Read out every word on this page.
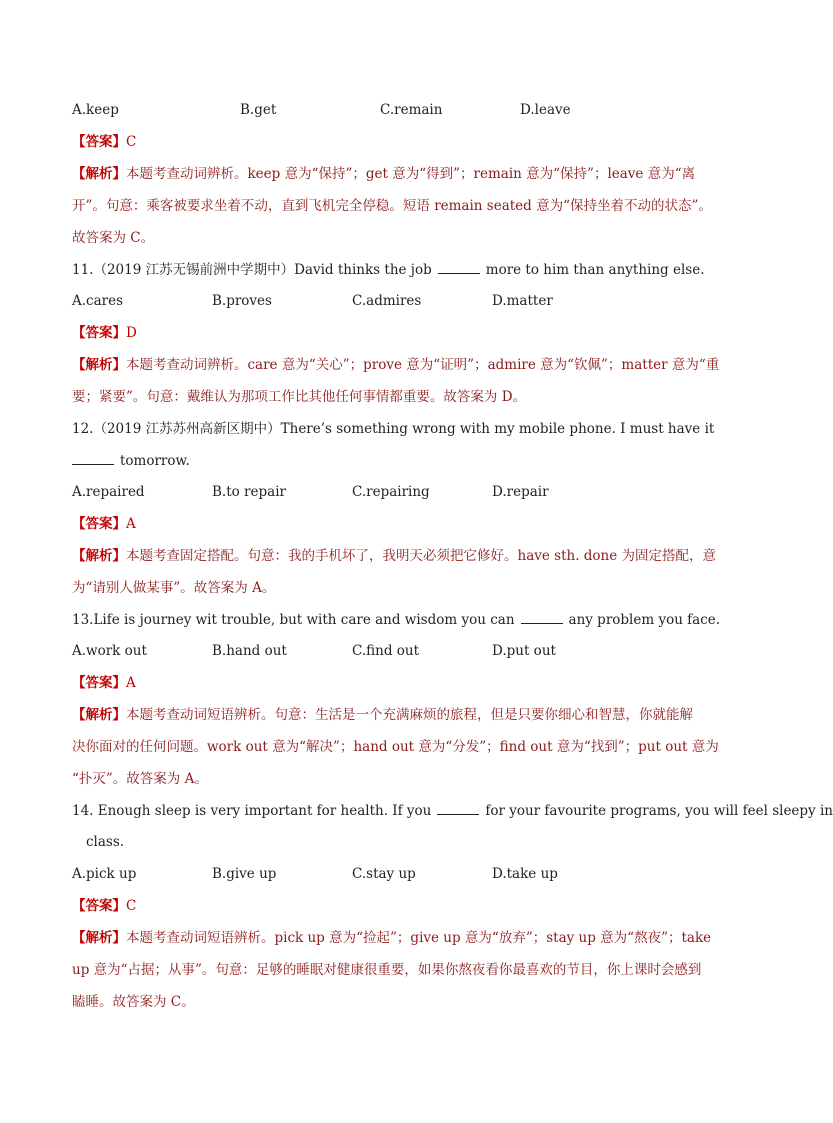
A.keep	B.get	C.remain	D.leave
【答案】C
【解析】本题考查动词辨析。keep 意为“保持”；get 意为“得到”；remain 意为“保持”；leave 意为“离
开”。句意：乘客被要求坐着不动，直到飞机完全停稳。短语 remain seated 意为“保持坐着不动的状态”。
故答案为 C。
11.（2019 江苏无锡前洲中学期中）David thinks the job	more to him than anything else.
A.cares	B.proves	C.admires	D.matter
【答案】D
【解析】本题考查动词辨析。care 意为“关心”；prove 意为“证明”；admire 意为“钦佩”；matter 意为“重
要；紧要”。句意：戴维认为那项工作比其他任何事情都重要。故答案为 D。
12.（2019 江苏苏州高新区期中）There’s something wrong with my mobile phone. I must have it
tomorrow.
A.repaired	B.to repair	C.repairing	D.repair
【答案】A
【解析】本题考查固定搭配。句意：我的手机坏了，我明天必须把它修好。have sth. done 为固定搭配，意
为“请别人做某事”。故答案为 A。
13.Life is journey wit trouble, but with care and wisdom you can	any problem you face.
A.work out	B.hand out	C.find out	D.put out
【答案】A
【解析】本题考查动词短语辨析。句意：生活是一个充满麻烦的旅程，但是只要你细心和智慧，你就能解
决你面对的任何问题。work out 意为“解决”；hand out 意为“分发”；find out 意为“找到”；put out 意为
“扑灭”。故答案为 A。
14. Enough sleep is very important for health. If you	for your favourite programs, you will feel sleepy in
class.
A.pick up	B.give up	C.stay up	D.take up
【答案】C
【解析】本题考查动词短语辨析。pick up 意为“捡起”；give up 意为“放弃”；stay up 意为“熬夜”；take
up 意为“占据；从事”。句意：足够的睡眠对健康很重要，如果你熬夜看你最喜欢的节目，你上课时会感到
瞌睡。故答案为 C。
